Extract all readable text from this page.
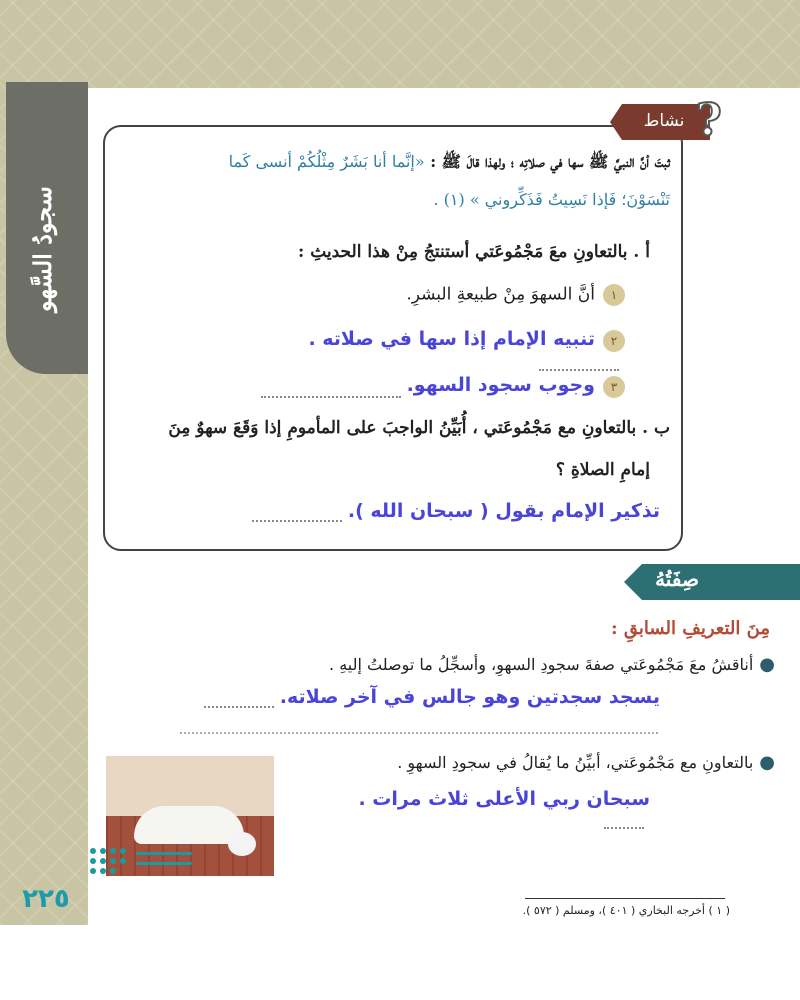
سجودُ السَّهو
نشاط ?
ثبتَ أنَّ النبيَّ ﷺ سها في صلاتِه ؛ ولهذا قالَ ﷺ : «إنَّما أنا بَشَرٌ مِثْلُكُمْ أنسى كَما
تَنْسَوْنَ؛ فَإذا نَسِيتُ فَذَكِّروني » (١) .
أ . بالتعاونِ معَ مَجْمُوعَتي أستنتجُ مِنْ هذا الحديثِ :
١أنَّ السهوَ مِنْ طبيعةِ البشرِ.
٢تنبيه الإمام إذا سها في صلاته .
٣وجوب سجود السهو.
ب . بالتعاونِ مع مَجْمُوعَتي ، أُبَيِّنُ الواجبَ على المأمومِ إذا وَقَعَ سهوٌ مِنَ
إمامِ الصلاةِ ؟
تذكير الإمام بقول ( سبحان الله ).
صِفَتُهُ
مِنَ التعريفِ السابقِ :
●أناقشُ معَ مَجْمُوعَتي صفةَ سجودِ السهوِ، وأسجِّلُ ما توصلتُ إليهِ .
يسجد سجدتين وهو جالس في آخر صلاته.
●بالتعاونِ مع مَجْمُوعَتي، أبيِّنُ ما يُقالُ في سجودِ السهوِ .
سبحان ربي الأعلى ثلاث مرات .
٢٢٥	( ١ ) أخرجه البخاري ( ٤٠١ )، ومسلم ( ٥٧٢ ).
